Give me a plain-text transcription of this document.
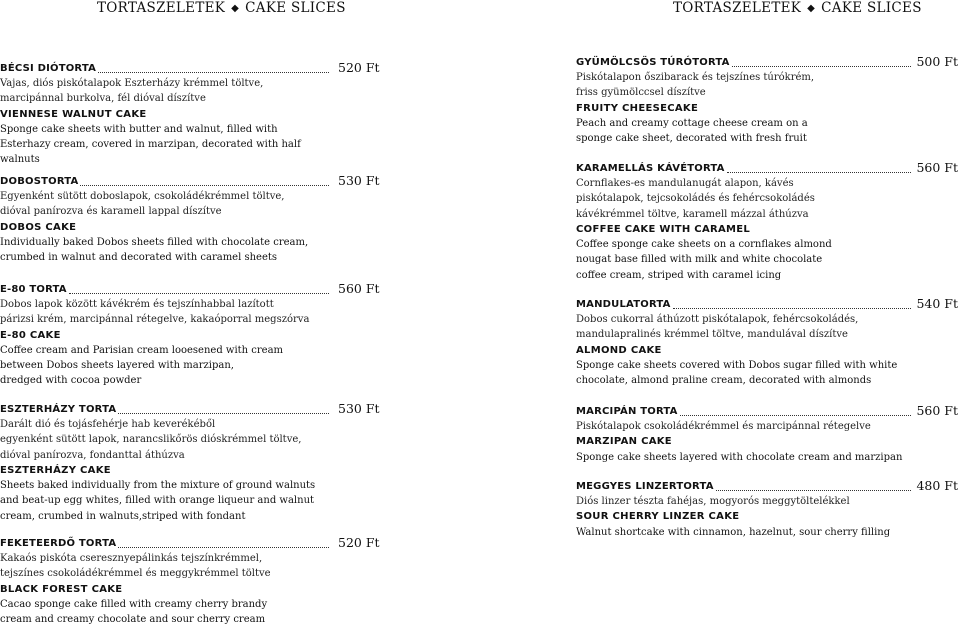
TORTASZELETEK ◆ CAKE SLICES	TORTASZELETEK ◆ CAKE SLICES
BÉCSI DIÓTORTA	520 Ft
Vajas, diós piskótalapok Eszterházy krémmel töltve,
marcipánnal burkolva, fél dióval díszítve
VIENNESE WALNUT CAKE
Sponge cake sheets with butter and walnut, filled with
Esterhazy cream, covered in marzipan, decorated with half
walnuts
DOBOSTORTA	530 Ft
Egyenként sütött doboslapok, csokoládékrémmel töltve,
dióval panírozva és karamell lappal díszítve
DOBOS CAKE
Individually baked Dobos sheets filled with chocolate cream,
crumbed in walnut and decorated with caramel sheets
E-80 TORTA	560 Ft
Dobos lapok között kávékrém és tejszínhabbal lazított
párizsi krém, marcipánnal rétegelve, kakaóporral megszórva
E-80 CAKE
Coffee cream and Parisian cream looesened with cream
between Dobos sheets layered with marzipan,
dredged with cocoa powder
ESZTERHÁZY TORTA	530 Ft
Darált dió és tojásfehérje hab keverékéből
egyenként sütött lapok, narancslikőrös dióskrémmel töltve,
dióval panírozva, fondanttal áthúzva
ESZTERHÁZY CAKE
Sheets baked individually from the mixture of ground walnuts
and beat-up egg whites, filled with orange liqueur and walnut
cream, crumbed in walnuts,striped with fondant
FEKETEERDŐ TORTA	520 Ft
Kakaós piskóta cseresznyepálinkás tejszínkrémmel,
tejszínes csokoládékrémmel és meggykrémmel töltve
BLACK FOREST CAKE
Cacao sponge cake filled with creamy cherry brandy
cream and creamy chocolate and sour cherry cream
GYÜMÖLCSÖS TÚRÓTORTA	500 Ft
Piskótalapon őszibarack és tejszínes túrókrém,
friss gyümölccsel díszítve
FRUITY CHEESECAKE
Peach and creamy cottage cheese cream on a
sponge cake sheet, decorated with fresh fruit
KARAMELLÁS KÁVÉTORTA	560 Ft
Cornflakes-es mandulanugát alapon, kávés
piskótalapok, tejcsokoládés és fehércsokoládés
kávékrémmel töltve, karamell mázzal áthúzva
COFFEE CAKE WITH CARAMEL
Coffee sponge cake sheets on a cornflakes almond
nougat base filled with milk and white chocolate
coffee cream, striped with caramel icing
MANDULATORTA	540 Ft
Dobos cukorral áthúzott piskótalapok, fehércsokoládés,
mandulapralinés krémmel töltve, mandulával díszítve
ALMOND CAKE
Sponge cake sheets covered with Dobos sugar filled with white
chocolate, almond praline cream, decorated with almonds
MARCIPÁN TORTA	560 Ft
Piskótalapok csokoládékrémmel és marcipánnal rétegelve
MARZIPAN CAKE
Sponge cake sheets layered with chocolate cream and marzipan
MEGGYES LINZERTORTA	480 Ft
Diós linzer tészta fahéjas, mogyorós meggytöltelékkel
SOUR CHERRY LINZER CAKE
Walnut shortcake with cinnamon, hazelnut, sour cherry filling
